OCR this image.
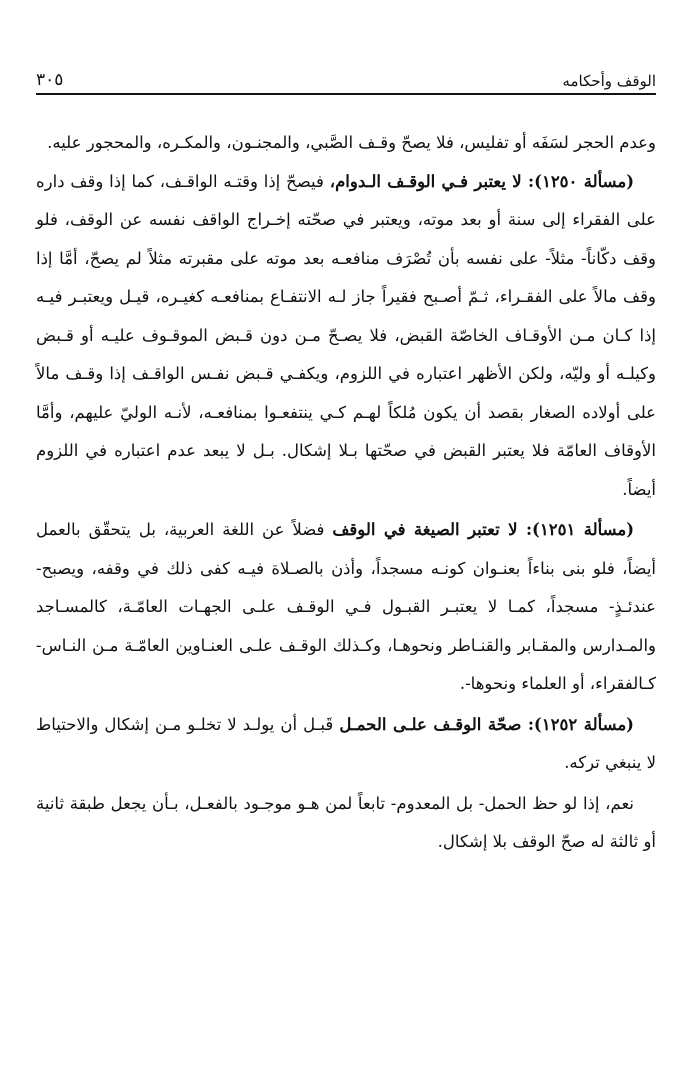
الوقف وأحكامه
٣٠٥

وعدم الحجر لسَفَه أو تفليس، فلا يصحّ وقـف الصَّبي، والمجنـون، والمكـره، والمحجور عليه.

(مسألة ١٢٥٠): لا يعتبر فـي الوقـف الـدوام، فيصحّ إذا وقتـه الواقـف، كما إذا وقف داره على الفقراء إلى سنة أو بعد موته، ويعتبر في صحّته إخـراج الواقف نفسه عن الوقف، فلو وقف دكّاناً- مثلاً- على نفسه بأن تُصْرَف منافعـه بعد موته على مقبرته مثلاً لم يصحّ، أمَّا إذا وقف مالاً على الفقـراء، ثـمّ أصـبح فقيراً جاز لـه الانتفـاع بمنافعـه كغيـره، قيـل ويعتبـر فيـه إذا كـان مـن الأوقـاف الخاصّة القبض، فلا يصـحّ مـن دون قـبض الموقـوف عليـه أو قـبض وكيلـه أو وليّه، ولكن الأظهر اعتباره في اللزوم، ويكفـي قـبض نفـس الواقـف إذا وقـف مالاً على أولاده الصغار بقصد أن يكون مُلكاً لهـم كـي ينتفعـوا بمنافعـه، لأنـه الوليّ عليهم، وأمَّا الأوقاف العامّة فلا يعتبر القبض في صحّتها بـلا إشكال. بـل لا يبعد عدم اعتباره في اللزوم أيضاً.

(مسألة ١٢٥١): لا تعتبر الصيغة في الوقف فضلاً عن اللغة العربية، بل يتحقّق بالعمل أيضاً، فلو بنى بناءاً بعنـوان كونـه مسجداً، وأذن بالصـلاة فيـه كفى ذلك في وقفه، ويصبح- عندئـذٍ- مسجداً، كمـا لا يعتبـر القبـول فـي الوقـف علـى الجهـات العامّـة، كالمسـاجد والمـدارس والمقـابر والقنـاطر ونحوهـا، وكـذلك الوقـف علـى العنـاوين العامّـة مـن النـاس- كـالفقراء، أو العلماء ونحوها-.

(مسألة ١٢٥٢): صحّة الوقـف علـى الحمـل قَبـل أن يولـد لا تخلـو مـن إشكال والاحتياط لا ينبغي تركه.

نعم، إذا لو حظ الحمل- بل المعدوم- تابعاً لمن هـو موجـود بالفعـل، بـأن يجعل طبقة ثانية أو ثالثة له صحّ الوقف بلا إشكال.
